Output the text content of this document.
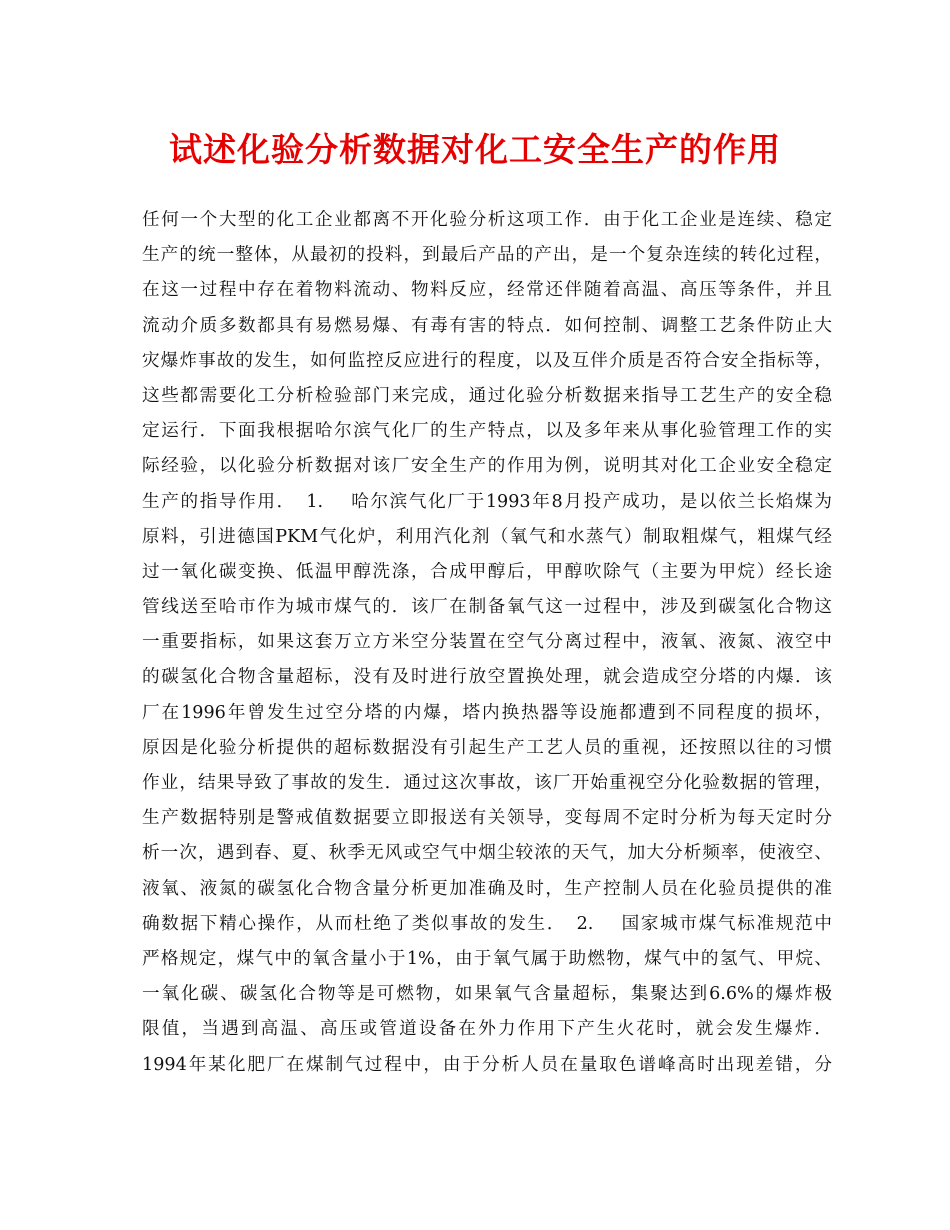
试述化验分析数据对化工安全生产的作用
任何一个大型的化工企业都离不开化验分析这项工作．由于化工企业是连续、稳定
生产的统一整体，从最初的投料，到最后产品的产出，是一个复杂连续的转化过程，
在这一过程中存在着物料流动、物料反应，经常还伴随着高温、高压等条件，并且
流动介质多数都具有易燃易爆、有毒有害的特点．如何控制、调整工艺条件防止大
灾爆炸事故的发生，如何监控反应进行的程度，以及互伴介质是否符合安全指标等，
这些都需要化工分析检验部门来完成，通过化验分析数据来指导工艺生产的安全稳
定运行．下面我根据哈尔滨气化厂的生产特点，以及多年来从事化验管理工作的实
际经验，以化验分析数据对该厂安全生产的作用为例，说明其对化工企业安全稳定
生产的指导作用．　1.　 哈尔滨气化厂于1993年8月投产成功，是以依兰长焰煤为
原料，引进德国PKM气化炉，利用汽化剂（氧气和水蒸气）制取粗煤气，粗煤气经
过一氧化碳变换、低温甲醇洗涤，合成甲醇后，甲醇吹除气（主要为甲烷）经长途
管线送至哈市作为城市煤气的．该厂在制备氧气这一过程中，涉及到碳氢化合物这
一重要指标，如果这套万立方米空分装置在空气分离过程中，液氧、液氮、液空中
的碳氢化合物含量超标，没有及时进行放空置换处理，就会造成空分塔的内爆．该
厂在1996年曾发生过空分塔的内爆，塔内换热器等设施都遭到不同程度的损坏，
原因是化验分析提供的超标数据没有引起生产工艺人员的重视，还按照以往的习惯
作业，结果导致了事故的发生．通过这次事故，该厂开始重视空分化验数据的管理，
生产数据特别是警戒值数据要立即报送有关领导，变每周不定时分析为每天定时分
析一次，遇到春、夏、秋季无风或空气中烟尘较浓的天气，加大分析频率，使液空、
液氧、液氮的碳氢化合物含量分析更加准确及时，生产控制人员在化验员提供的准
确数据下精心操作，从而杜绝了类似事故的发生．　2.　 国家城市煤气标准规范中
严格规定，煤气中的氧含量小于1%，由于氧气属于助燃物，煤气中的氢气、甲烷、
一氧化碳、碳氢化合物等是可燃物，如果氧气含量超标，集聚达到6.6%的爆炸极
限值，当遇到高温、高压或管道设备在外力作用下产生火花时，就会发生爆炸．
1994年某化肥厂在煤制气过程中，由于分析人员在量取色谱峰高时出现差错，分
